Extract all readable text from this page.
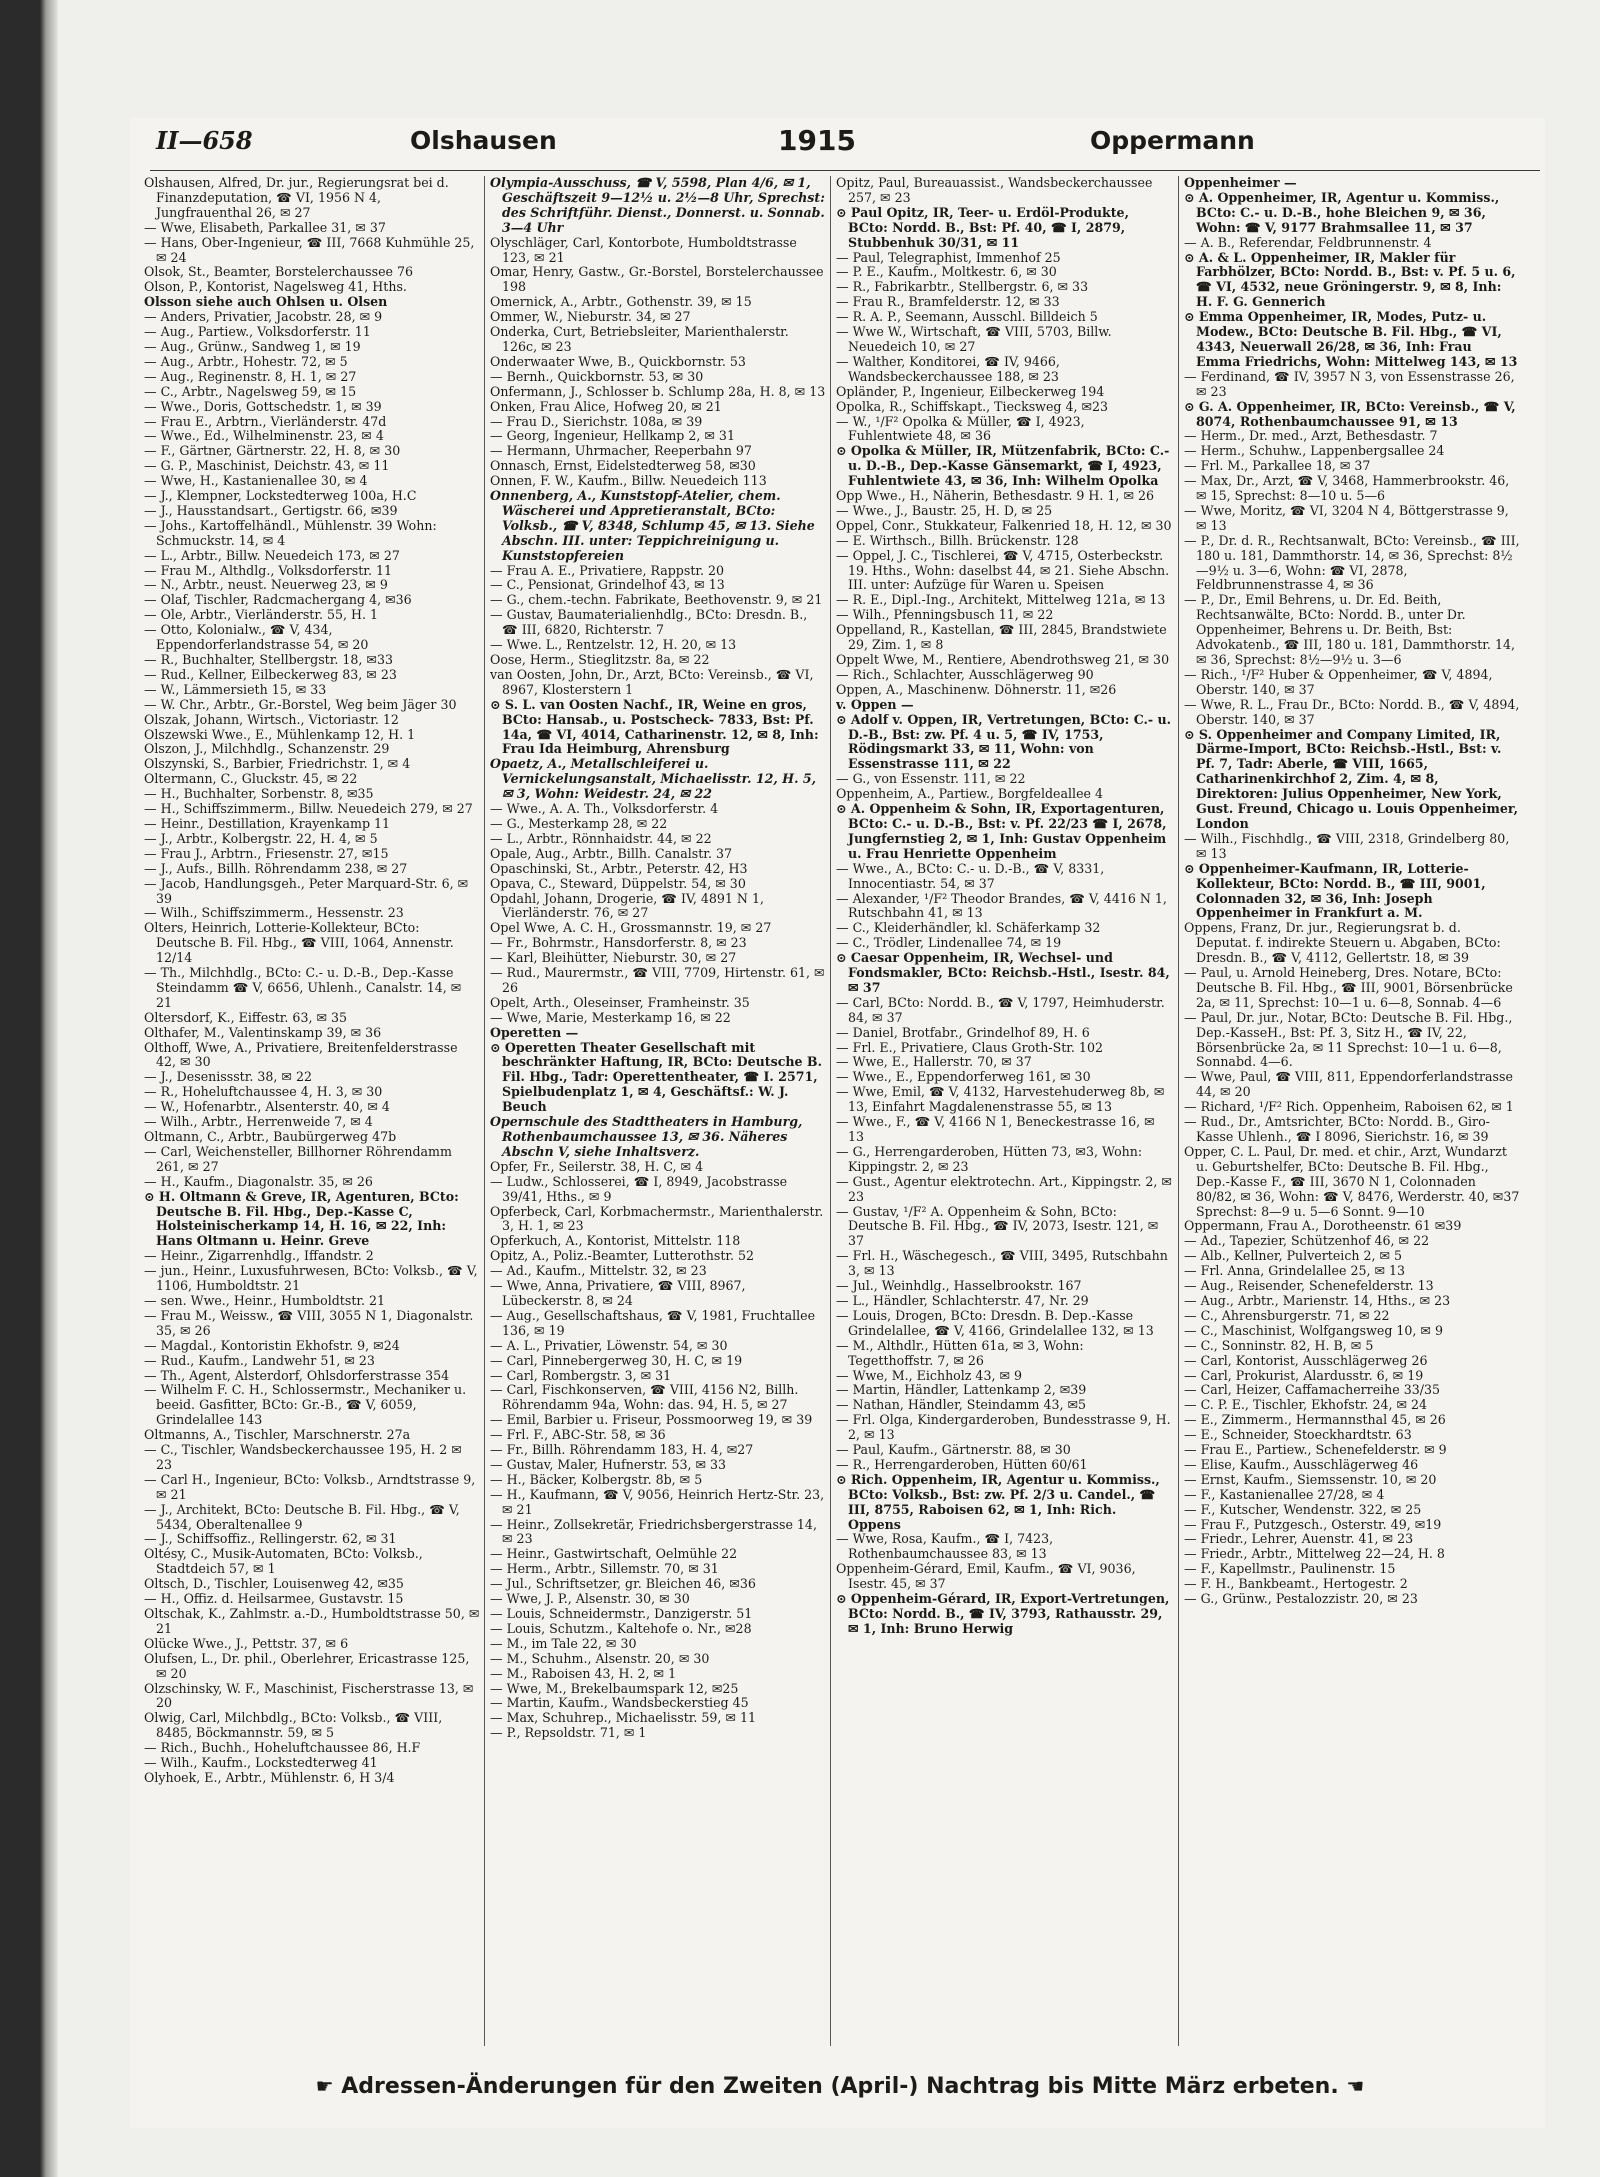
II—658	Olshausen	1915	Oppermann
Olshausen, Alfred, Dr. jur., Regierungsrat bei d. Finanzdeputation, ☎ VI, 1956 N 4, Jungfrauenthal 26, ✉ 27
— Wwe, Elisabeth, Parkallee 31, ✉ 37
— Hans, Ober-Ingenieur, ☎ III, 7668 Kuhmühle 25, ✉ 24
Olsok, St., Beamter, Borstelerchaussee 76
Olson, P., Kontorist, Nagelsweg 41, Hths.
Olsson siehe auch Ohlsen u. Olsen
— Anders, Privatier, Jacobstr. 28, ✉ 9
— Aug., Partiew., Volksdorferstr. 11
— Aug., Grünw., Sandweg 1, ✉ 19
— Aug., Arbtr., Hohestr. 72, ✉ 5
— Aug., Reginenstr. 8, H. 1, ✉ 27
— C., Arbtr., Nagelsweg 59, ✉ 15
— Wwe., Doris, Gottschedstr. 1, ✉ 39
— Frau E., Arbtrn., Vierländerstr. 47d
— Wwe., Ed., Wilhelminenstr. 23, ✉ 4
— F., Gärtner, Gärtnerstr. 22, H. 8, ✉ 30
— G. P., Maschinist, Deichstr. 43, ✉ 11
— Wwe, H., Kastanienallee 30, ✉ 4
— J., Klempner, Lockstedterweg 100a, H.C
— J., Hausstandsart., Gertigstr. 66, ✉39
— Johs., Kartoffelhändl., Mühlenstr. 39 Wohn: Schmuckstr. 14, ✉ 4
— L., Arbtr., Billw. Neuedeich 173, ✉ 27
— Frau M., Althdlg., Volksdorferstr. 11
— N., Arbtr., neust. Neuerweg 23, ✉ 9
— Olaf, Tischler, Radcmachergang 4, ✉36
— Ole, Arbtr., Vierländerstr. 55, H. 1
— Otto, Kolonialw., ☎ V, 434, Eppendorferlandstrasse 54, ✉ 20
— R., Buchhalter, Stellbergstr. 18, ✉33
— Rud., Kellner, Eilbeckerweg 83, ✉ 23
— W., Lämmersieth 15, ✉ 33
— W. Chr., Arbtr., Gr.-Borstel, Weg beim Jäger 30
Olszak, Johann, Wirtsch., Victoriastr. 12
Olszewski Wwe., E., Mühlenkamp 12, H. 1
Olszon, J., Milchhdlg., Schanzenstr. 29
Olszynski, S., Barbier, Friedrichstr. 1, ✉ 4
Oltermann, C., Gluckstr. 45, ✉ 22
— H., Buchhalter, Sorbenstr. 8, ✉35
— H., Schiffszimmerm., Billw. Neuedeich 279, ✉ 27
— Heinr., Destillation, Krayenkamp 11
— J., Arbtr., Kolbergstr. 22, H. 4, ✉ 5
— Frau J., Arbtrn., Friesenstr. 27, ✉15
— J., Aufs., Billh. Röhrendamm 238, ✉ 27
— Jacob, Handlungsgeh., Peter Marquard-Str. 6, ✉ 39
— Wilh., Schiffszimmerm., Hessenstr. 23
Olters, Heinrich, Lotterie-Kollekteur, BCto: Deutsche B. Fil. Hbg., ☎ VIII, 1064, Annenstr. 12/14
— Th., Milchhdlg., BCto: C.- u. D.-B., Dep.-Kasse Steindamm ☎ V, 6656, Uhlenh., Canalstr. 14, ✉ 21
Oltersdorf, K., Eiffestr. 63, ✉ 35
Olthafer, M., Valentinskamp 39, ✉ 36
Olthoff, Wwe, A., Privatiere, Breitenfelderstrasse 42, ✉ 30
— J., Desenissstr. 38, ✉ 22
— R., Hoheluftchaussee 4, H. 3, ✉ 30
— W., Hofenarbtr., Alsenterstr. 40, ✉ 4
— Wilh., Arbtr., Herrenweide 7, ✉ 4
Oltmann, C., Arbtr., Baubürgerweg 47b
— Carl, Weichensteller, Billhorner Röhrendamm 261, ✉ 27
— H., Kaufm., Diagonalstr. 35, ✉ 26
⊙ H. Oltmann & Greve, IR, Agenturen, BCto: Deutsche B. Fil. Hbg., Dep.-Kasse C, Holsteinischerkamp 14, H. 16, ✉ 22, Inh: Hans Oltmann u. Heinr. Greve
— Heinr., Zigarrenhdlg., Iffandstr. 2
— jun., Heinr., Luxusfuhrwesen, BCto: Volksb., ☎ V, 1106, Humboldtstr. 21
— sen. Wwe., Heinr., Humboldtstr. 21
— Frau M., Weissw., ☎ VIII, 3055 N 1, Diagonalstr. 35, ✉ 26
— Magdal., Kontoristin Ekhofstr. 9, ✉24
— Rud., Kaufm., Landwehr 51, ✉ 23
— Th., Agent, Alsterdorf, Ohlsdorferstrasse 354
— Wilhelm F. C. H., Schlossermstr., Mechaniker u. beeid. Gasfitter, BCto: Gr.-B., ☎ V, 6059, Grindelallee 143
Oltmanns, A., Tischler, Marschnerstr. 27a
— C., Tischler, Wandsbeckerchaussee 195, H. 2 ✉ 23
— Carl H., Ingenieur, BCto: Volksb., Arndtstrasse 9, ✉ 21
— J., Architekt, BCto: Deutsche B. Fil. Hbg., ☎ V, 5434, Oberaltenallee 9
— J., Schiffsoffiz., Rellingerstr. 62, ✉ 31
Oltésy, C., Musik-Automaten, BCto: Volksb., Stadtdeich 57, ✉ 1
Oltsch, D., Tischler, Louisenweg 42, ✉35
— H., Offiz. d. Heilsarmee, Gustavstr. 15
Oltschak, K., Zahlmstr. a.-D., Humboldtstrasse 50, ✉ 21
Olücke Wwe., J., Pettstr. 37, ✉ 6
Olufsen, L., Dr. phil., Oberlehrer, Ericastrasse 125, ✉ 20
Olzschinsky, W. F., Maschinist, Fischerstrasse 13, ✉ 20
Olwig, Carl, Milchbdlg., BCto: Volksb., ☎ VIII, 8485, Böckmannstr. 59, ✉ 5
— Rich., Buchh., Hoheluftchaussee 86, H.F
— Wilh., Kaufm., Lockstedterweg 41
Olyhoek, E., Arbtr., Mühlenstr. 6, H 3/4
Olympia-Ausschuss, ☎ V, 5598, Plan 4/6, ✉ 1, Geschäftszeit 9—12½ u. 2½—8 Uhr, Sprechst: des Schriftführ. Dienst., Donnerst. u. Sonnab. 3—4 Uhr
Olyschläger, Carl, Kontorbote, Humboldtstrasse 123, ✉ 21
Omar, Henry, Gastw., Gr.-Borstel, Borstelerchaussee 198
Omernick, A., Arbtr., Gothenstr. 39, ✉ 15
Ommer, W., Nieburstr. 34, ✉ 27
Onderka, Curt, Betriebsleiter, Marienthalerstr. 126c, ✉ 23
Onderwaater Wwe, B., Quickbornstr. 53
— Bernh., Quickbornstr. 53, ✉ 30
Onfermann, J., Schlosser b. Schlump 28a, H. 8, ✉ 13
Onken, Frau Alice, Hofweg 20, ✉ 21
— Frau D., Sierichstr. 108a, ✉ 39
— Georg, Ingenieur, Hellkamp 2, ✉ 31
— Hermann, Uhrmacher, Reeperbahn 97
Onnasch, Ernst, Eidelstedterweg 58, ✉30
Onnen, F. W., Kaufm., Billw. Neuedeich 113
Onnenberg, A., Kunststopf-Atelier, chem. Wäscherei und Appretieranstalt, BCto: Volksb., ☎ V, 8348, Schlump 45, ✉ 13. Siehe Abschn. III. unter: Teppichreinigung u. Kunststopfereien
— Frau A. E., Privatiere, Rappstr. 20
— C., Pensionat, Grindelhof 43, ✉ 13
— G., chem.-techn. Fabrikate, Beethovenstr. 9, ✉ 21
— Gustav, Baumaterialienhdlg., BCto: Dresdn. B., ☎ III, 6820, Richterstr. 7
— Wwe. L., Rentzelstr. 12, H. 20, ✉ 13
Oose, Herm., Stieglitzstr. 8a, ✉ 22
van Oosten, John, Dr., Arzt, BCto: Vereinsb., ☎ VI, 8967, Klosterstern 1
⊙ S. L. van Oosten Nachf., IR, Weine en gros, BCto: Hansab., u. Postscheck- 7833, Bst: Pf. 14a, ☎ VI, 4014, Catharinenstr. 12, ✉ 8, Inh: Frau Ida Heimburg, Ahrensburg
Opaetz, A., Metallschleiferei u. Vernickelungsanstalt, Michaelisstr. 12, H. 5, ✉ 3, Wohn: Weidestr. 24, ✉ 22
— Wwe., A. A. Th., Volksdorferstr. 4
— G., Mesterkamp 28, ✉ 22
— L., Arbtr., Rönnhaidstr. 44, ✉ 22
Opale, Aug., Arbtr., Billh. Canalstr. 37
Opaschinski, St., Arbtr., Peterstr. 42, H3
Opava, C., Steward, Düppelstr. 54, ✉ 30
Opdahl, Johann, Drogerie, ☎ IV, 4891 N 1, Vierländerstr. 76, ✉ 27
Opel Wwe, A. C. H., Grossmannstr. 19, ✉ 27
— Fr., Bohrmstr., Hansdorferstr. 8, ✉ 23
— Karl, Bleihütter, Nieburstr. 30, ✉ 27
— Rud., Maurermstr., ☎ VIII, 7709, Hirtenstr. 61, ✉ 26
Opelt, Arth., Oleseinser, Framheinstr. 35
— Wwe, Marie, Mesterkamp 16, ✉ 22
Operetten —
⊙ Operetten Theater Gesellschaft mit beschränkter Haftung, IR, BCto: Deutsche B. Fil. Hbg., Tadr: Operettentheater, ☎ I. 2571, Spielbudenplatz 1, ✉ 4, Geschäftsf.: W. J. Beuch
Opernschule des Stadttheaters in Hamburg, Rothenbaumchaussee 13, ✉ 36. Näheres Abschn V, siehe Inhaltsverz.
Opfer, Fr., Seilerstr. 38, H. C, ✉ 4
— Ludw., Schlosserei, ☎ I, 8949, Jacobstrasse 39/41, Hths., ✉ 9
Opferbeck, Carl, Korbmachermstr., Marienthalerstr. 3, H. 1, ✉ 23
Opferkuch, A., Kontorist, Mittelstr. 118
Opitz, A., Poliz.-Beamter, Lutterothstr. 52
— Ad., Kaufm., Mittelstr. 32, ✉ 23
— Wwe, Anna, Privatiere, ☎ VIII, 8967, Lübeckerstr. 8, ✉ 24
— Aug., Gesellschaftshaus, ☎ V, 1981, Fruchtallee 136, ✉ 19
— A. L., Privatier, Löwenstr. 54, ✉ 30
— Carl, Pinnebergerweg 30, H. C, ✉ 19
— Carl, Rombergstr. 3, ✉ 31
— Carl, Fischkonserven, ☎ VIII, 4156 N2, Billh. Röhrendamm 94a, Wohn: das. 94, H. 5, ✉ 27
— Emil, Barbier u. Friseur, Possmoorweg 19, ✉ 39
— Frl. F., ABC-Str. 58, ✉ 36
— Fr., Billh. Röhrendamm 183, H. 4, ✉27
— Gustav, Maler, Hufnerstr. 53, ✉ 33
— H., Bäcker, Kolbergstr. 8b, ✉ 5
— H., Kaufmann, ☎ V, 9056, Heinrich Hertz-Str. 23, ✉ 21
— Heinr., Zollsekretär, Friedrichsbergerstrasse 14, ✉ 23
— Heinr., Gastwirtschaft, Oelmühle 22
— Herm., Arbtr., Sillemstr. 70, ✉ 31
— Jul., Schriftsetzer, gr. Bleichen 46, ✉36
— Wwe, J. P., Alsenstr. 30, ✉ 30
— Louis, Schneidermstr., Danzigerstr. 51
— Louis, Schutzm., Kaltehofe o. Nr., ✉28
— M., im Tale 22, ✉ 30
— M., Schuhm., Alsenstr. 20, ✉ 30
— M., Raboisen 43, H. 2, ✉ 1
— Wwe, M., Brekelbaumspark 12, ✉25
— Martin, Kaufm., Wandsbeckerstieg 45
— Max, Schuhrep., Michaelisstr. 59, ✉ 11
— P., Repsoldstr. 71, ✉ 1
Opitz, Paul, Bureauassist., Wandsbeckerchaussee 257, ✉ 23
⊙ Paul Opitz, IR, Teer- u. Erdöl-Produkte, BCto: Nordd. B., Bst: Pf. 40, ☎ I, 2879, Stubbenhuk 30/31, ✉ 11
— Paul, Telegraphist, Immenhof 25
— P. E., Kaufm., Moltkestr. 6, ✉ 30
— R., Fabrikarbtr., Stellbergstr. 6, ✉ 33
— Frau R., Bramfelderstr. 12, ✉ 33
— R. A. P., Seemann, Ausschl. Billdeich 5
— Wwe W., Wirtschaft, ☎ VIII, 5703, Billw. Neuedeich 10, ✉ 27
— Walther, Konditorei, ☎ IV, 9466, Wandsbeckerchaussee 188, ✉ 23
Opländer, P., Ingenieur, Eilbeckerweg 194
Opolka, R., Schiffskapt., Tiecksweg 4, ✉23
— W., ¹/F² Opolka & Müller, ☎ I, 4923, Fuhlentwiete 48, ✉ 36
⊙ Opolka & Müller, IR, Mützenfabrik, BCto: C.- u. D.-B., Dep.-Kasse Gänsemarkt, ☎ I, 4923, Fuhlentwiete 43, ✉ 36, Inh: Wilhelm Opolka
Opp Wwe., H., Näherin, Bethesdastr. 9 H. 1, ✉ 26
— Wwe., J., Baustr. 25, H. D, ✉ 25
Oppel, Conr., Stukkateur, Falkenried 18, H. 12, ✉ 30
— E. Wirthsch., Billh. Brückenstr. 128
— Oppel, J. C., Tischlerei, ☎ V, 4715, Osterbeckstr. 19. Hths., Wohn: daselbst 44, ✉ 21. Siehe Abschn. III. unter: Aufzüge für Waren u. Speisen
— R. E., Dipl.-Ing., Architekt, Mittelweg 121a, ✉ 13
— Wilh., Pfenningsbusch 11, ✉ 22
Oppelland, R., Kastellan, ☎ III, 2845, Brandstwiete 29, Zim. 1, ✉ 8
Oppelt Wwe, M., Rentiere, Abendrothsweg 21, ✉ 30
— Rich., Schlachter, Ausschlägerweg 90
Oppen, A., Maschinenw. Döhnerstr. 11, ✉26
v. Oppen —
⊙ Adolf v. Oppen, IR, Vertretungen, BCto: C.- u. D.-B., Bst: zw. Pf. 4 u. 5, ☎ IV, 1753, Rödingsmarkt 33, ✉ 11, Wohn: von Essenstrasse 111, ✉ 22
— G., von Essenstr. 111, ✉ 22
Oppenheim, A., Partiew., Borgfeldeallee 4
⊙ A. Oppenheim & Sohn, IR, Exportagenturen, BCto: C.- u. D.-B., Bst: v. Pf. 22/23 ☎ I, 2678, Jungfernstieg 2, ✉ 1, Inh: Gustav Oppenheim u. Frau Henriette Oppenheim
— Wwe., A., BCto: C.- u. D.-B., ☎ V, 8331, Innocentiastr. 54, ✉ 37
— Alexander, ¹/F² Theodor Brandes, ☎ V, 4416 N 1, Rutschbahn 41, ✉ 13
— C., Kleiderhändler, kl. Schäferkamp 32
— C., Trödler, Lindenallee 74, ✉ 19
⊙ Caesar Oppenheim, IR, Wechsel- und Fondsmakler, BCto: Reichsb.-Hstl., Isestr. 84, ✉ 37
— Carl, BCto: Nordd. B., ☎ V, 1797, Heimhuderstr. 84, ✉ 37
— Daniel, Brotfabr., Grindelhof 89, H. 6
— Frl. E., Privatiere, Claus Groth-Str. 102
— Wwe, E., Hallerstr. 70, ✉ 37
— Wwe., E., Eppendorferweg 161, ✉ 30
— Wwe, Emil, ☎ V, 4132, Harvestehuderweg 8b, ✉ 13, Einfahrt Magdalenenstrasse 55, ✉ 13
— Wwe., F., ☎ V, 4166 N 1, Beneckestrasse 16, ✉ 13
— G., Herrengarderoben, Hütten 73, ✉3, Wohn: Kippingstr. 2, ✉ 23
— Gust., Agentur elektrotechn. Art., Kippingstr. 2, ✉ 23
— Gustav, ¹/F² A. Oppenheim & Sohn, BCto: Deutsche B. Fil. Hbg., ☎ IV, 2073, Isestr. 121, ✉ 37
— Frl. H., Wäschegesch., ☎ VIII, 3495, Rutschbahn 3, ✉ 13
— Jul., Weinhdlg., Hasselbrookstr. 167
— L., Händler, Schlachterstr. 47, Nr. 29
— Louis, Drogen, BCto: Dresdn. B. Dep.-Kasse Grindelallee, ☎ V, 4166, Grindelallee 132, ✉ 13
— M., Althdlr., Hütten 61a, ✉ 3, Wohn: Tegetthoffstr. 7, ✉ 26
— Wwe, M., Eichholz 43, ✉ 9
— Martin, Händler, Lattenkamp 2, ✉39
— Nathan, Händler, Steindamm 43, ✉5
— Frl. Olga, Kindergarderoben, Bundesstrasse 9, H. 2, ✉ 13
— Paul, Kaufm., Gärtnerstr. 88, ✉ 30
— R., Herrengarderoben, Hütten 60/61
⊙ Rich. Oppenheim, IR, Agentur u. Kommiss., BCto: Volksb., Bst: zw. Pf. 2/3 u. Candel., ☎ III, 8755, Raboisen 62, ✉ 1, Inh: Rich. Oppens
— Wwe, Rosa, Kaufm., ☎ I, 7423, Rothenbaumchaussee 83, ✉ 13
Oppenheim-Gérard, Emil, Kaufm., ☎ VI, 9036, Isestr. 45, ✉ 37
⊙ Oppenheim-Gérard, IR, Export-Vertretungen, BCto: Nordd. B., ☎ IV, 3793, Rathausstr. 29, ✉ 1, Inh: Bruno Herwig
Oppenheimer —
⊙ A. Oppenheimer, IR, Agentur u. Kommiss., BCto: C.- u. D.-B., hohe Bleichen 9, ✉ 36, Wohn: ☎ V, 9177 Brahmsallee 11, ✉ 37
— A. B., Referendar, Feldbrunnenstr. 4
⊙ A. & L. Oppenheimer, IR, Makler für Farbhölzer, BCto: Nordd. B., Bst: v. Pf. 5 u. 6, ☎ VI, 4532, neue Gröningerstr. 9, ✉ 8, Inh: H. F. G. Gennerich
⊙ Emma Oppenheimer, IR, Modes, Putz- u. Modew., BCto: Deutsche B. Fil. Hbg., ☎ VI, 4343, Neuerwall 26/28, ✉ 36, Inh: Frau Emma Friedrichs, Wohn: Mittelweg 143, ✉ 13
— Ferdinand, ☎ IV, 3957 N 3, von Essenstrasse 26, ✉ 23
⊙ G. A. Oppenheimer, IR, BCto: Vereinsb., ☎ V, 8074, Rothenbaumchaussee 91, ✉ 13
— Herm., Dr. med., Arzt, Bethesdastr. 7
— Herm., Schuhw., Lappenbergsallee 24
— Frl. M., Parkallee 18, ✉ 37
— Max, Dr., Arzt, ☎ V, 3468, Hammerbrookstr. 46, ✉ 15, Sprechst: 8—10 u. 5—6
— Wwe, Moritz, ☎ VI, 3204 N 4, Böttgerstrasse 9, ✉ 13
— P., Dr. d. R., Rechtsanwalt, BCto: Vereinsb., ☎ III, 180 u. 181, Dammthorstr. 14, ✉ 36, Sprechst: 8½—9½ u. 3—6, Wohn: ☎ VI, 2878, Feldbrunnenstrasse 4, ✉ 36
— P., Dr., Emil Behrens, u. Dr. Ed. Beith, Rechtsanwälte, BCto: Nordd. B., unter Dr. Oppenheimer, Behrens u. Dr. Beith, Bst: Advokatenb., ☎ III, 180 u. 181, Dammthorstr. 14, ✉ 36, Sprechst: 8½—9½ u. 3—6
— Rich., ¹/F² Huber & Oppenheimer, ☎ V, 4894, Oberstr. 140, ✉ 37
— Wwe, R. L., Frau Dr., BCto: Nordd. B., ☎ V, 4894, Oberstr. 140, ✉ 37
⊙ S. Oppenheimer and Company Limited, IR, Därme-Import, BCto: Reichsb.-Hstl., Bst: v. Pf. 7, Tadr: Aberle, ☎ VIII, 1665, Catharinenkirchhof 2, Zim. 4, ✉ 8, Direktoren: Julius Oppenheimer, New York, Gust. Freund, Chicago u. Louis Oppenheimer, London
— Wilh., Fischhdlg., ☎ VIII, 2318, Grindelberg 80, ✉ 13
⊙ Oppenheimer-Kaufmann, IR, Lotterie-Kollekteur, BCto: Nordd. B., ☎ III, 9001, Colonnaden 32, ✉ 36, Inh: Joseph Oppenheimer in Frankfurt a. M.
Oppens, Franz, Dr. jur., Regierungsrat b. d. Deputat. f. indirekte Steuern u. Abgaben, BCto: Dresdn. B., ☎ V, 4112, Gellertstr. 18, ✉ 39
— Paul, u. Arnold Heineberg, Dres. Notare, BCto: Deutsche B. Fil. Hbg., ☎ III, 9001, Börsenbrücke 2a, ✉ 11, Sprechst: 10—1 u. 6—8, Sonnab. 4—6
— Paul, Dr. jur., Notar, BCto: Deutsche B. Fil. Hbg., Dep.-KasseH., Bst: Pf. 3, Sitz H., ☎ IV, 22, Börsenbrücke 2a, ✉ 11 Sprechst: 10—1 u. 6—8, Sonnabd. 4—6.
— Wwe, Paul, ☎ VIII, 811, Eppendorferlandstrasse 44, ✉ 20
— Richard, ¹/F² Rich. Oppenheim, Raboisen 62, ✉ 1
— Rud., Dr., Amtsrichter, BCto: Nordd. B., Giro-Kasse Uhlenh., ☎ I 8096, Sierichstr. 16, ✉ 39
Opper, C. L. Paul, Dr. med. et chir., Arzt, Wundarzt u. Geburtshelfer, BCto: Deutsche B. Fil. Hbg., Dep.-Kasse F., ☎ III, 3670 N 1, Colonnaden 80/82, ✉ 36, Wohn: ☎ V, 8476, Werderstr. 40, ✉37 Sprechst: 8—9 u. 5—6 Sonnt. 9—10
Oppermann, Frau A., Dorotheenstr. 61 ✉39
— Ad., Tapezier, Schützenhof 46, ✉ 22
— Alb., Kellner, Pulverteich 2, ✉ 5
— Frl. Anna, Grindelallee 25, ✉ 13
— Aug., Reisender, Schenefelderstr. 13
— Aug., Arbtr., Marienstr. 14, Hths., ✉ 23
— C., Ahrensburgerstr. 71, ✉ 22
— C., Maschinist, Wolfgangsweg 10, ✉ 9
— C., Sonninstr. 82, H. B, ✉ 5
— Carl, Kontorist, Ausschlägerweg 26
— Carl, Prokurist, Alardusstr. 6, ✉ 19
— Carl, Heizer, Caffamacherreihe 33/35
— C. P. E., Tischler, Ekhofstr. 24, ✉ 24
— E., Zimmerm., Hermannsthal 45, ✉ 26
— E., Schneider, Stoeckhardtstr. 63
— Frau E., Partiew., Schenefelderstr. ✉ 9
— Elise, Kaufm., Ausschlägerweg 46
— Ernst, Kaufm., Siemssenstr. 10, ✉ 20
— F., Kastanienallee 27/28, ✉ 4
— F., Kutscher, Wendenstr. 322, ✉ 25
— Frau F., Putzgesch., Osterstr. 49, ✉19
— Friedr., Lehrer, Auenstr. 41, ✉ 23
— Friedr., Arbtr., Mittelweg 22—24, H. 8
— F., Kapellmstr., Paulinenstr. 15
— F. H., Bankbeamt., Hertogestr. 2
— G., Grünw., Pestalozzistr. 20, ✉ 23
☛ Adressen-Änderungen für den Zweiten (April-) Nachtrag bis Mitte März erbeten. ☚
